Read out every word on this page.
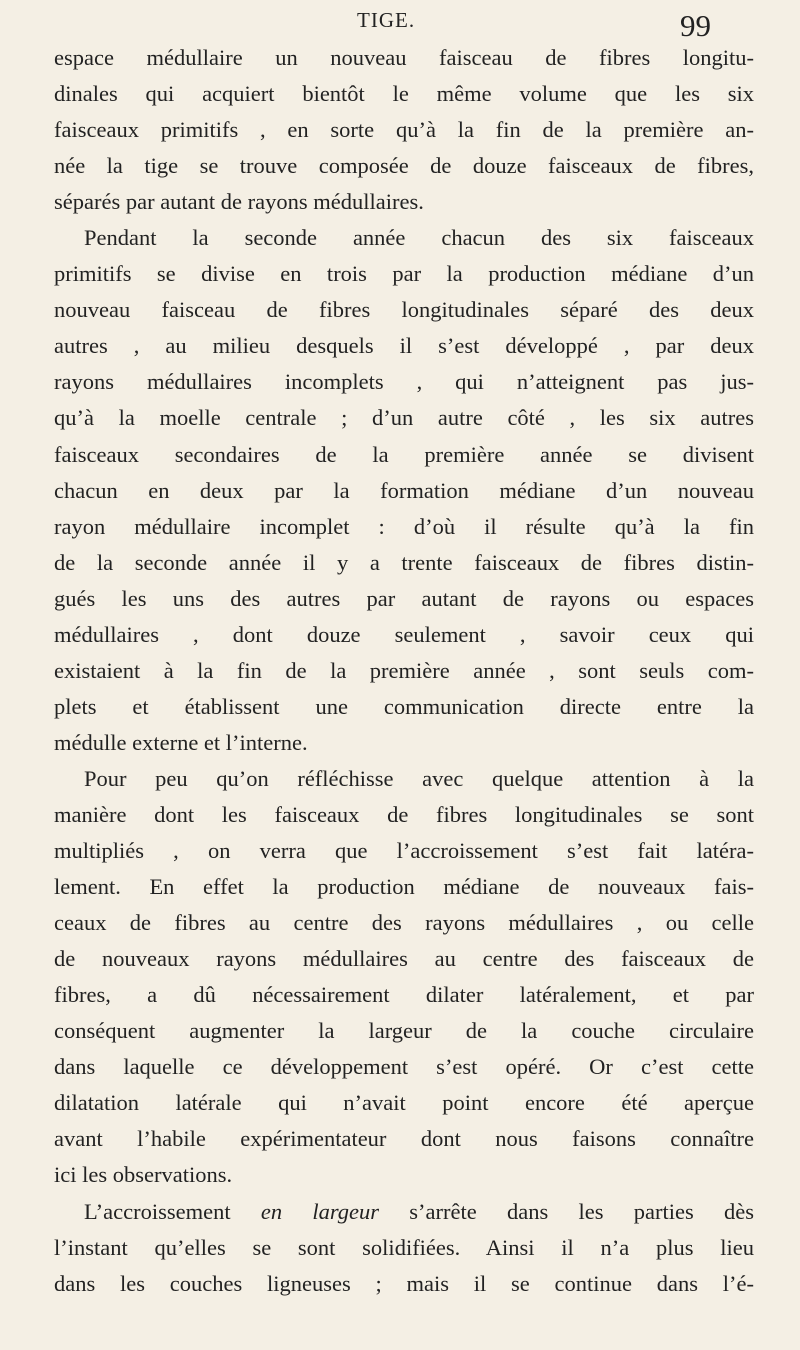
TIGE.	99
espace médullaire un nouveau faisceau de fibres longitu-
dinales qui acquiert bientôt le même volume que les six
faisceaux primitifs , en sorte qu’à la fin de la première an-
née la tige se trouve composée de douze faisceaux de fibres,
séparés par autant de rayons médullaires.
Pendant la seconde année chacun des six faisceaux
primitifs se divise en trois par la production médiane d’un
nouveau faisceau de fibres longitudinales séparé des deux
autres , au milieu desquels il s’est développé , par deux
rayons médullaires incomplets , qui n’atteignent pas jus-
qu’à la moelle centrale ; d’un autre côté , les six autres
faisceaux secondaires de la première année se divisent
chacun en deux par la formation médiane d’un nouveau
rayon médullaire incomplet : d’où il résulte qu’à la fin
de la seconde année il y a trente faisceaux de fibres distin-
gués les uns des autres par autant de rayons ou espaces
médullaires , dont douze seulement , savoir ceux qui
existaient à la fin de la première année , sont seuls com-
plets et établissent une communication directe entre la
médulle externe et l’interne.
Pour peu qu’on réfléchisse avec quelque attention à la
manière dont les faisceaux de fibres longitudinales se sont
multipliés , on verra que l’accroissement s’est fait latéra-
lement. En effet la production médiane de nouveaux fais-
ceaux de fibres au centre des rayons médullaires , ou celle
de nouveaux rayons médullaires au centre des faisceaux de
fibres, a dû nécessairement dilater latéralement, et par
conséquent augmenter la largeur de la couche circulaire
dans laquelle ce développement s’est opéré. Or c’est cette
dilatation latérale qui n’avait point encore été aperçue
avant l’habile expérimentateur dont nous faisons connaître
ici les observations.
L’accroissement en largeur s’arrête dans les parties dès
l’instant qu’elles se sont solidifiées. Ainsi il n’a plus lieu
dans les couches ligneuses ; mais il se continue dans l’é-
